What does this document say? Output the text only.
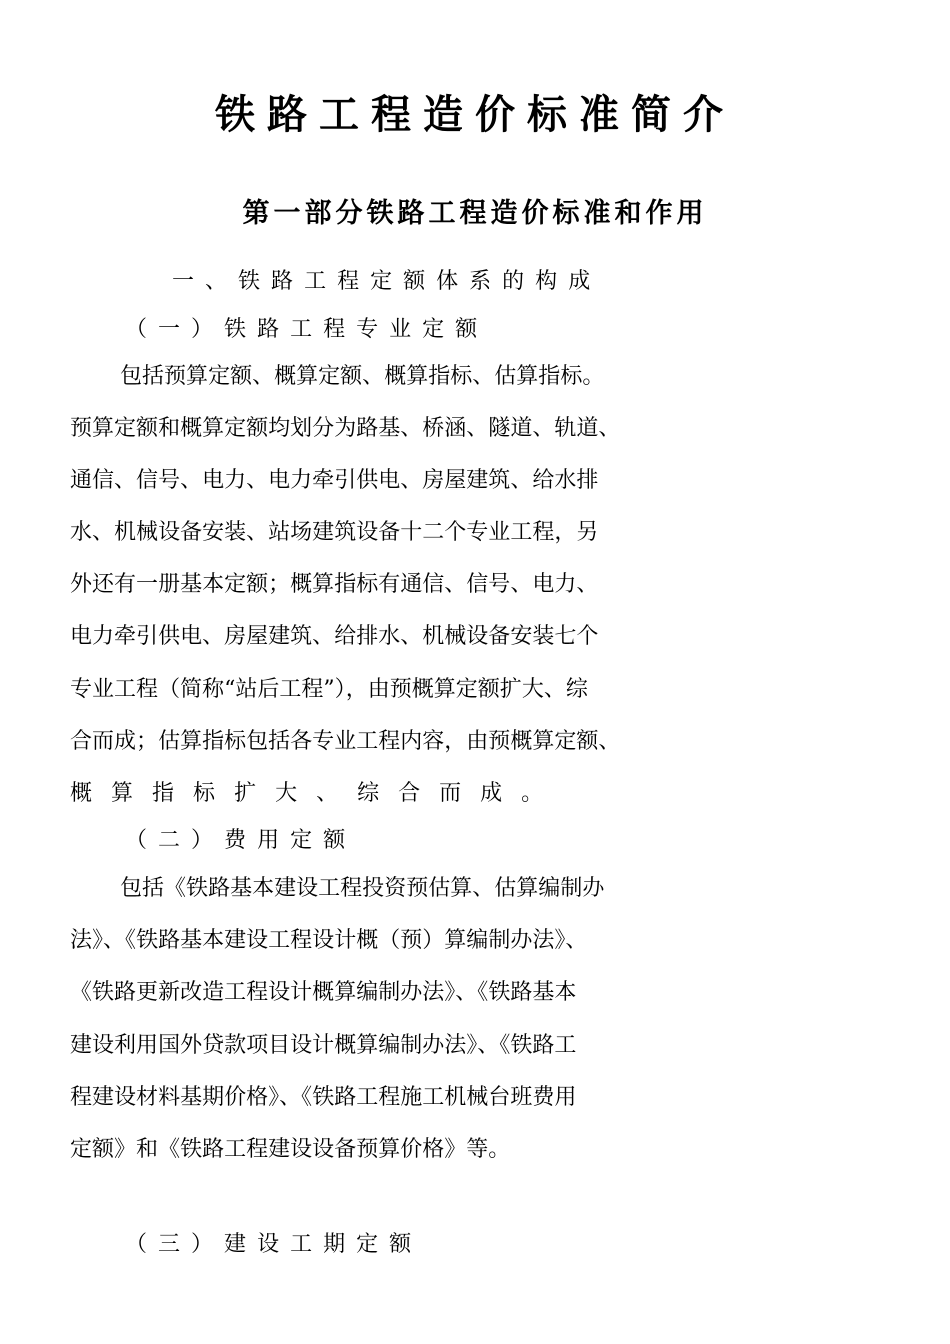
铁路工程造价标准简介
第一部分铁路工程造价标准和作用
一、铁路工程定额体系的构成
（一）铁路工程专业定额
包括预算定额、概算定额、概算指标、估算指标。
预算定额和概算定额均划分为路基、桥涵、隧道、轨道、
通信、信号、电力、电力牵引供电、房屋建筑、给水排
水、机械设备安装、站场建筑设备十二个专业工程，另
外还有一册基本定额；概算指标有通信、信号、电力、
电力牵引供电、房屋建筑、给排水、机械设备安装七个
专业工程（简称“站后工程”），由预概算定额扩大、综
合而成；估算指标包括各专业工程内容，由预概算定额、
概算指标扩大、综合而成。
（二）费用定额
包括《铁路基本建设工程投资预估算、估算编制办
法》、《铁路基本建设工程设计概（预）算编制办法》、
《铁路更新改造工程设计概算编制办法》、《铁路基本
建设利用国外贷款项目设计概算编制办法》、《铁路工
程建设材料基期价格》、《铁路工程施工机械台班费用
定额》和《铁路工程建设设备预算价格》等。
（三）建设工期定额
